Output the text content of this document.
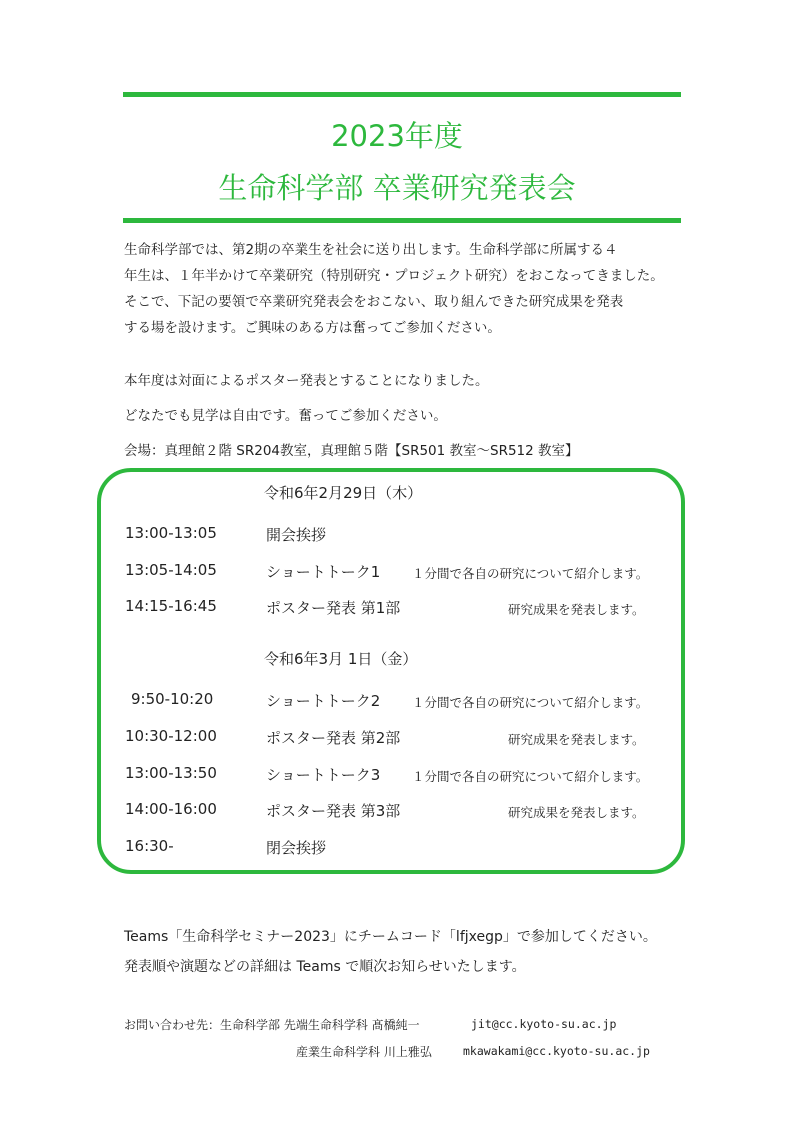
2023年度
生命科学部 卒業研究発表会
生命科学部では、第2期の卒業生を社会に送り出します。生命科学部に所属する４
年生は、１年半かけて卒業研究（特別研究・プロジェクト研究）をおこなってきました。
そこで、下記の要領で卒業研究発表会をおこない、取り組んできた研究成果を発表
する場を設けます。ご興味のある方は奮ってご参加ください。
本年度は対面によるポスター発表とすることになりました。
どなたでも見学は自由です。奮ってご参加ください。
会場：真理館２階 SR204教室，真理館５階【SR501 教室～SR512 教室】
令和6年2月29日（木）
13:00-13:05	開会挨拶
13:05-14:05	ショートトーク1	１分間で各自の研究について紹介します。
14:15-16:45	ポスター発表 第1部	研究成果を発表します。
令和6年3月 1日（金）
9:50-10:20	ショートトーク2	１分間で各自の研究について紹介します。
10:30-12:00	ポスター発表 第2部	研究成果を発表します。
13:00-13:50	ショートトーク3	１分間で各自の研究について紹介します。
14:00-16:00	ポスター発表 第3部	研究成果を発表します。
16:30-	閉会挨拶
Teams「生命科学セミナー2023」にチームコード「lfjxegp」で参加してください。
発表順や演題などの詳細は Teams で順次お知らせいたします。
お問い合わせ先：生命科学部 先端生命科学科 髙橋純一	jit@cc.kyoto-su.ac.jp
産業生命科学科 川上雅弘	mkawakami@cc.kyoto-su.ac.jp
